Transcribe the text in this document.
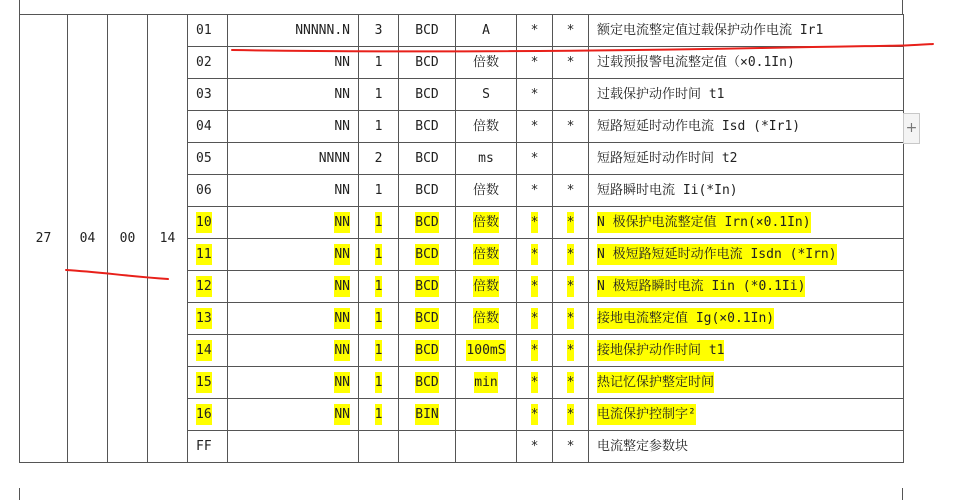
27	04	00	14	01	NNNNN.N	3	BCD	A	*	*	额定电流整定值过载保护动作电流 Ir1
				02	NN	1	BCD	倍数	*	*	过载预报警电流整定值（×0.1In)
				03	NN	1	BCD	S	*		过载保护动作时间 t1
				04	NN	1	BCD	倍数	*	*	短路短延时动作电流 Isd (*Ir1)
				05	NNNN	2	BCD	ms	*		短路短延时动作时间 t2
				06	NN	1	BCD	倍数	*	*	短路瞬时电流 Ii(*In)
				10	NN	1	BCD	倍数	*	*	N 极保护电流整定值 Irn(×0.1In)
				11	NN	1	BCD	倍数	*	*	N 极短路短延时动作电流 Isdn (*Irn)
				12	NN	1	BCD	倍数	*	*	N 极短路瞬时电流 Iin (*0.1Ii)
				13	NN	1	BCD	倍数	*	*	接地电流整定值 Ig(×0.1In)
				14	NN	1	BCD	100mS	*	*	接地保护动作时间 t1
				15	NN	1	BCD	min	*	*	热记忆保护整定时间
				16	NN	1	BIN		*	*	电流保护控制字²
				FF					*	*	电流整定参数块
+
